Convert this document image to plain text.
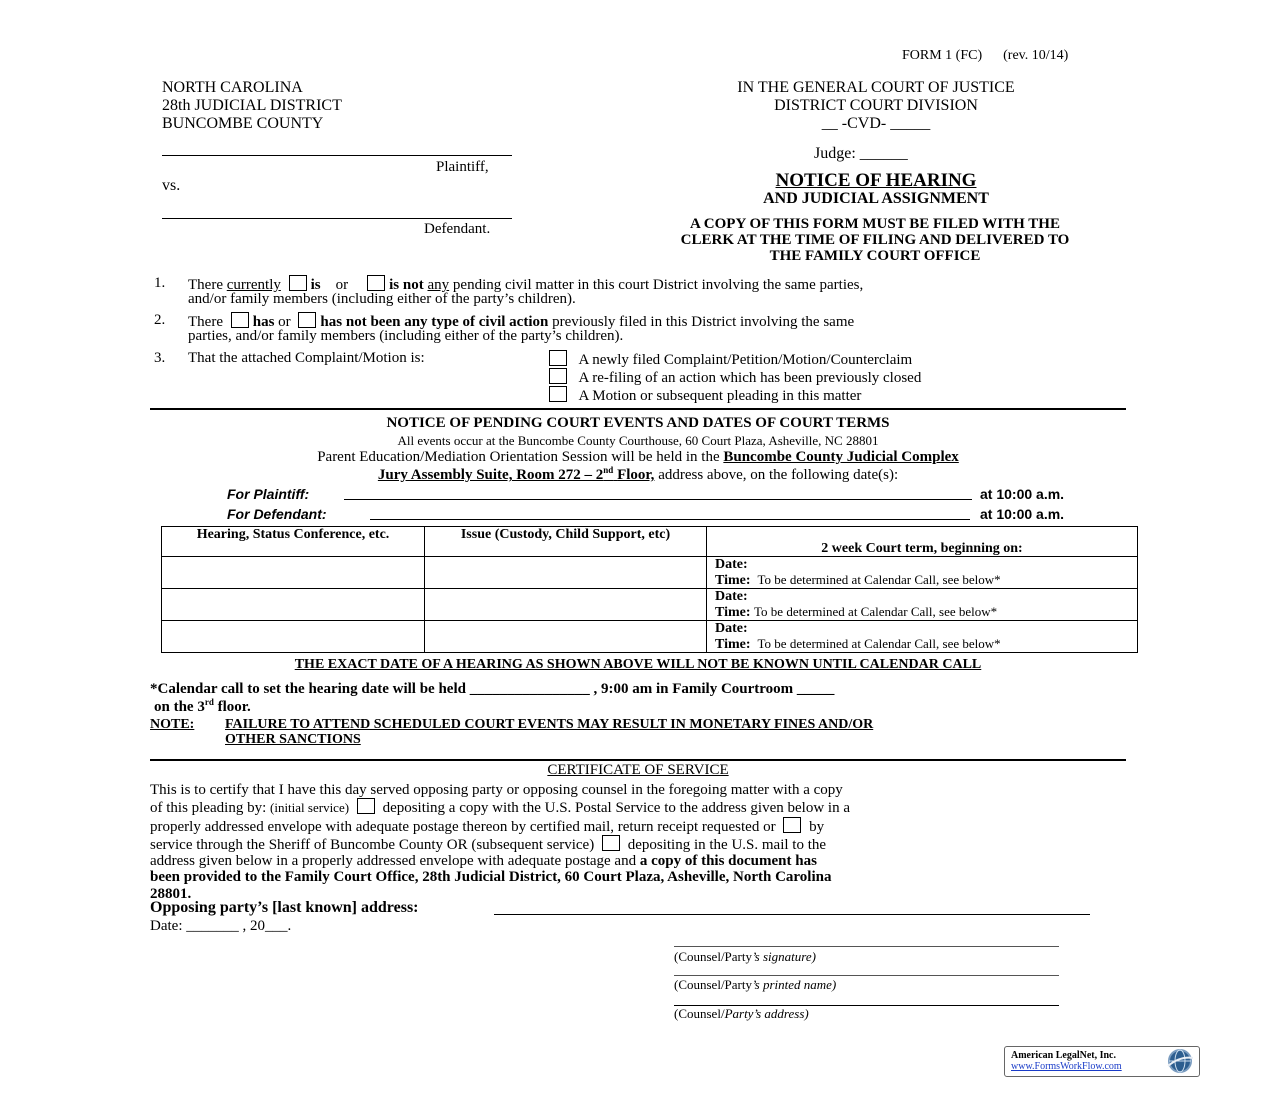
FORM 1 (FC) (rev. 10/14)
NORTH CAROLINA
28th JUDICIAL DISTRICT
BUNCOMBE COUNTY
IN THE GENERAL COURT OF JUSTICE
DISTRICT COURT DIVISION
__ -CVD- _____
Plaintiff,
vs.
Defendant.
Judge: ______
NOTICE OF HEARING
AND JUDICIAL ASSIGNMENT
A COPY OF THIS FORM MUST BE FILED WITH THE
CLERK AT THE TIME OF FILING AND DELIVERED TO
THE FAMILY COURT OFFICE
1. There currently is or	is not any pending civil matter in this court District involving the same parties,
and/or family members (including either of the party’s children).
2. There has or has not been any type of civil action previously filed in this District involving the same
parties, and/or family members (including either of the party’s children).
3. That the attached Complaint/Motion is:	A newly filed Complaint/Petition/Motion/Counterclaim
A re-filing of an action which has been previously closed
A Motion or subsequent pleading in this matter
NOTICE OF PENDING COURT EVENTS AND DATES OF COURT TERMS
All events occur at the Buncombe County Courthouse, 60 Court Plaza, Asheville, NC 28801
Parent Education/Mediation Orientation Session will be held in the Buncombe County Judicial Complex
Jury Assembly Suite, Room 272 – 2nd Floor, address above, on the following date(s):
For Plaintiff:	at 10:00 a.m.
For Defendant:	at 10:00 a.m.
Hearing, Status Conference, etc.	Issue (Custody, Child Support, etc)	2 week Court term, beginning on:

		Date:
Time: To be determined at Calendar Call, see below*

		Date:
Time: To be determined at Calendar Call, see below*

		Date:
Time: To be determined at Calendar Call, see below*
THE EXACT DATE OF A HEARING AS SHOWN ABOVE WILL NOT BE KNOWN UNTIL CALENDAR CALL
*Calendar call to set the hearing date will be held ________________ , 9:00 am in Family Courtroom _____
on the 3rd floor.
NOTE: FAILURE TO ATTEND SCHEDULED COURT EVENTS MAY RESULT IN MONETARY FINES AND/OR
OTHER SANCTIONS
CERTIFICATE OF SERVICE
This is to certify that I have this day served opposing party or opposing counsel in the foregoing matter with a copy
of this pleading by: (initial service) depositing a copy with the U.S. Postal Service to the address given below in a
properly addressed envelope with adequate postage thereon by certified mail, return receipt requested or by
service through the Sheriff of Buncombe County OR (subsequent service) depositing in the U.S. mail to the
address given below in a properly addressed envelope with adequate postage and a copy of this document has
been provided to the Family Court Office, 28th Judicial District, 60 Court Plaza, Asheville, North Carolina
28801.
Opposing party’s [last known] address:
Date: _______ , 20___.
(Counsel/Party’s signature)
(Counsel/Party’s printed name)
(Counsel/Party’s address)
American LegalNet, Inc.
www.FormsWorkFlow.com
